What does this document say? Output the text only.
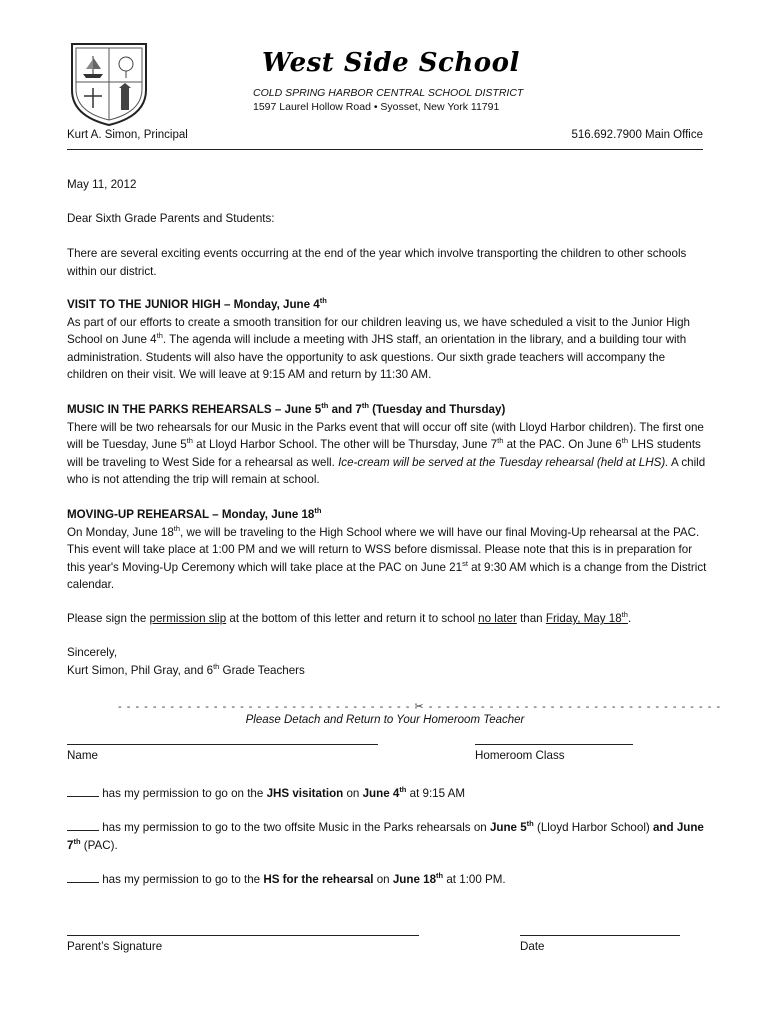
West Side School
COLD SPRING HARBOR CENTRAL SCHOOL DISTRICT
1597 Laurel Hollow Road • Syosset, New York 11791
Kurt A. Simon, Principal	516.692.7900 Main Office
May 11, 2012
Dear Sixth Grade Parents and Students:
There are several exciting events occurring at the end of the year which involve transporting the children to other schools within our district.

VISIT TO THE JUNIOR HIGH – Monday, June 4th

As part of our efforts to create a smooth transition for our children leaving us, we have scheduled a visit to the Junior High School on June 4th. The agenda will include a meeting with JHS staff, an orientation in the library, and a building tour with administration. Students will also have the opportunity to ask questions. Our sixth grade teachers will accompany the children on their visit. We will leave at 9:15 AM and return by 11:30 AM.

MUSIC IN THE PARKS REHEARSALS – June 5th and 7th (Tuesday and Thursday)

There will be two rehearsals for our Music in the Parks event that will occur off site (with Lloyd Harbor children). The first one will be Tuesday, June 5th at Lloyd Harbor School. The other will be Thursday, June 7th at the PAC. On June 6th LHS students will be traveling to West Side for a rehearsal as well. Ice-cream will be served at the Tuesday rehearsal (held at LHS). A child who is not attending the trip will remain at school.

MOVING-UP REHEARSAL – Monday, June 18th

On Monday, June 18th, we will be traveling to the High School where we will have our final Moving-Up rehearsal at the PAC. This event will take place at 1:00 PM and we will return to WSS before dismissal. Please note that this is in preparation for this year's Moving-Up Ceremony which will take place at the PAC on June 21st at 9:30 AM which is a change from the District calendar.

Please sign the permission slip at the bottom of this letter and return it to school no later than Friday, May 18th.

Sincerely,

Kurt Simon, Phil Gray, and 6th Grade Teachers

- - - - - - - - - - - - - - - - - - - - - - - - - - - - - - - - - - ✂ - - - - - - - - - - - - - - - - - - - - - - - - - - - - - - - - - -
Please Detach and Return to Your Homeroom Teacher
Name	Homeroom Class
has my permission to go on the JHS visitation on June 4th at 9:15 AM
has my permission to go to the two offsite Music in the Parks rehearsals on June 5th (Lloyd Harbor School) and June 7th (PAC).
has my permission to go to the HS for the rehearsal on June 18th at 1:00 PM.
Parent’s Signature	Date
